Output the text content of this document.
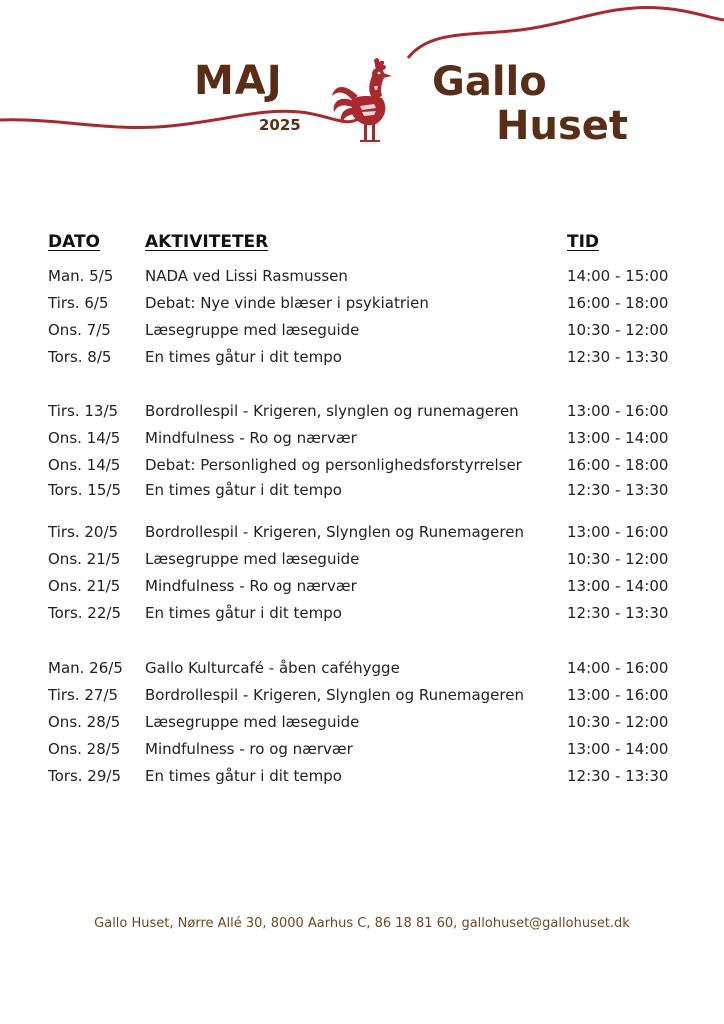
MAJ
2025
Gallo
Huset
DATO	AKTIVITETER	TID
Man. 5/5 NADA ved Lissi Rasmussen	14:00 - 15:00
Tirs. 6/5 Debat: Nye vinde blæser i psykiatrien	16:00 - 18:00
Ons. 7/5 Læsegruppe med læseguide	10:30 - 12:00
Tors. 8/5 En times gåtur i dit tempo	12:30 - 13:30
Tirs. 13/5 Bordrollespil - Krigeren, slynglen og runemageren	13:00 - 16:00
Ons. 14/5 Mindfulness - Ro og nærvær	13:00 - 14:00
Ons. 14/5 Debat: Personlighed og personlighedsforstyrrelser	16:00 - 18:00
Tors. 15/5 En times gåtur i dit tempo	12:30 - 13:30
Tirs. 20/5 Bordrollespil - Krigeren, Slynglen og Runemageren	13:00 - 16:00
Ons. 21/5 Læsegruppe med læseguide	10:30 - 12:00
Ons. 21/5 Mindfulness - Ro og nærvær	13:00 - 14:00
Tors. 22/5 En times gåtur i dit tempo	12:30 - 13:30
Man. 26/5 Gallo Kulturcafé - åben caféhygge	14:00 - 16:00
Tirs. 27/5 Bordrollespil - Krigeren, Slynglen og Runemageren	13:00 - 16:00
Ons. 28/5 Læsegruppe med læseguide	10:30 - 12:00
Ons. 28/5 Mindfulness - ro og nærvær	13:00 - 14:00
Tors. 29/5 En times gåtur i dit tempo	12:30 - 13:30
Gallo Huset, Nørre Allé 30, 8000 Aarhus C, 86 18 81 60, gallohuset@gallohuset.dk
